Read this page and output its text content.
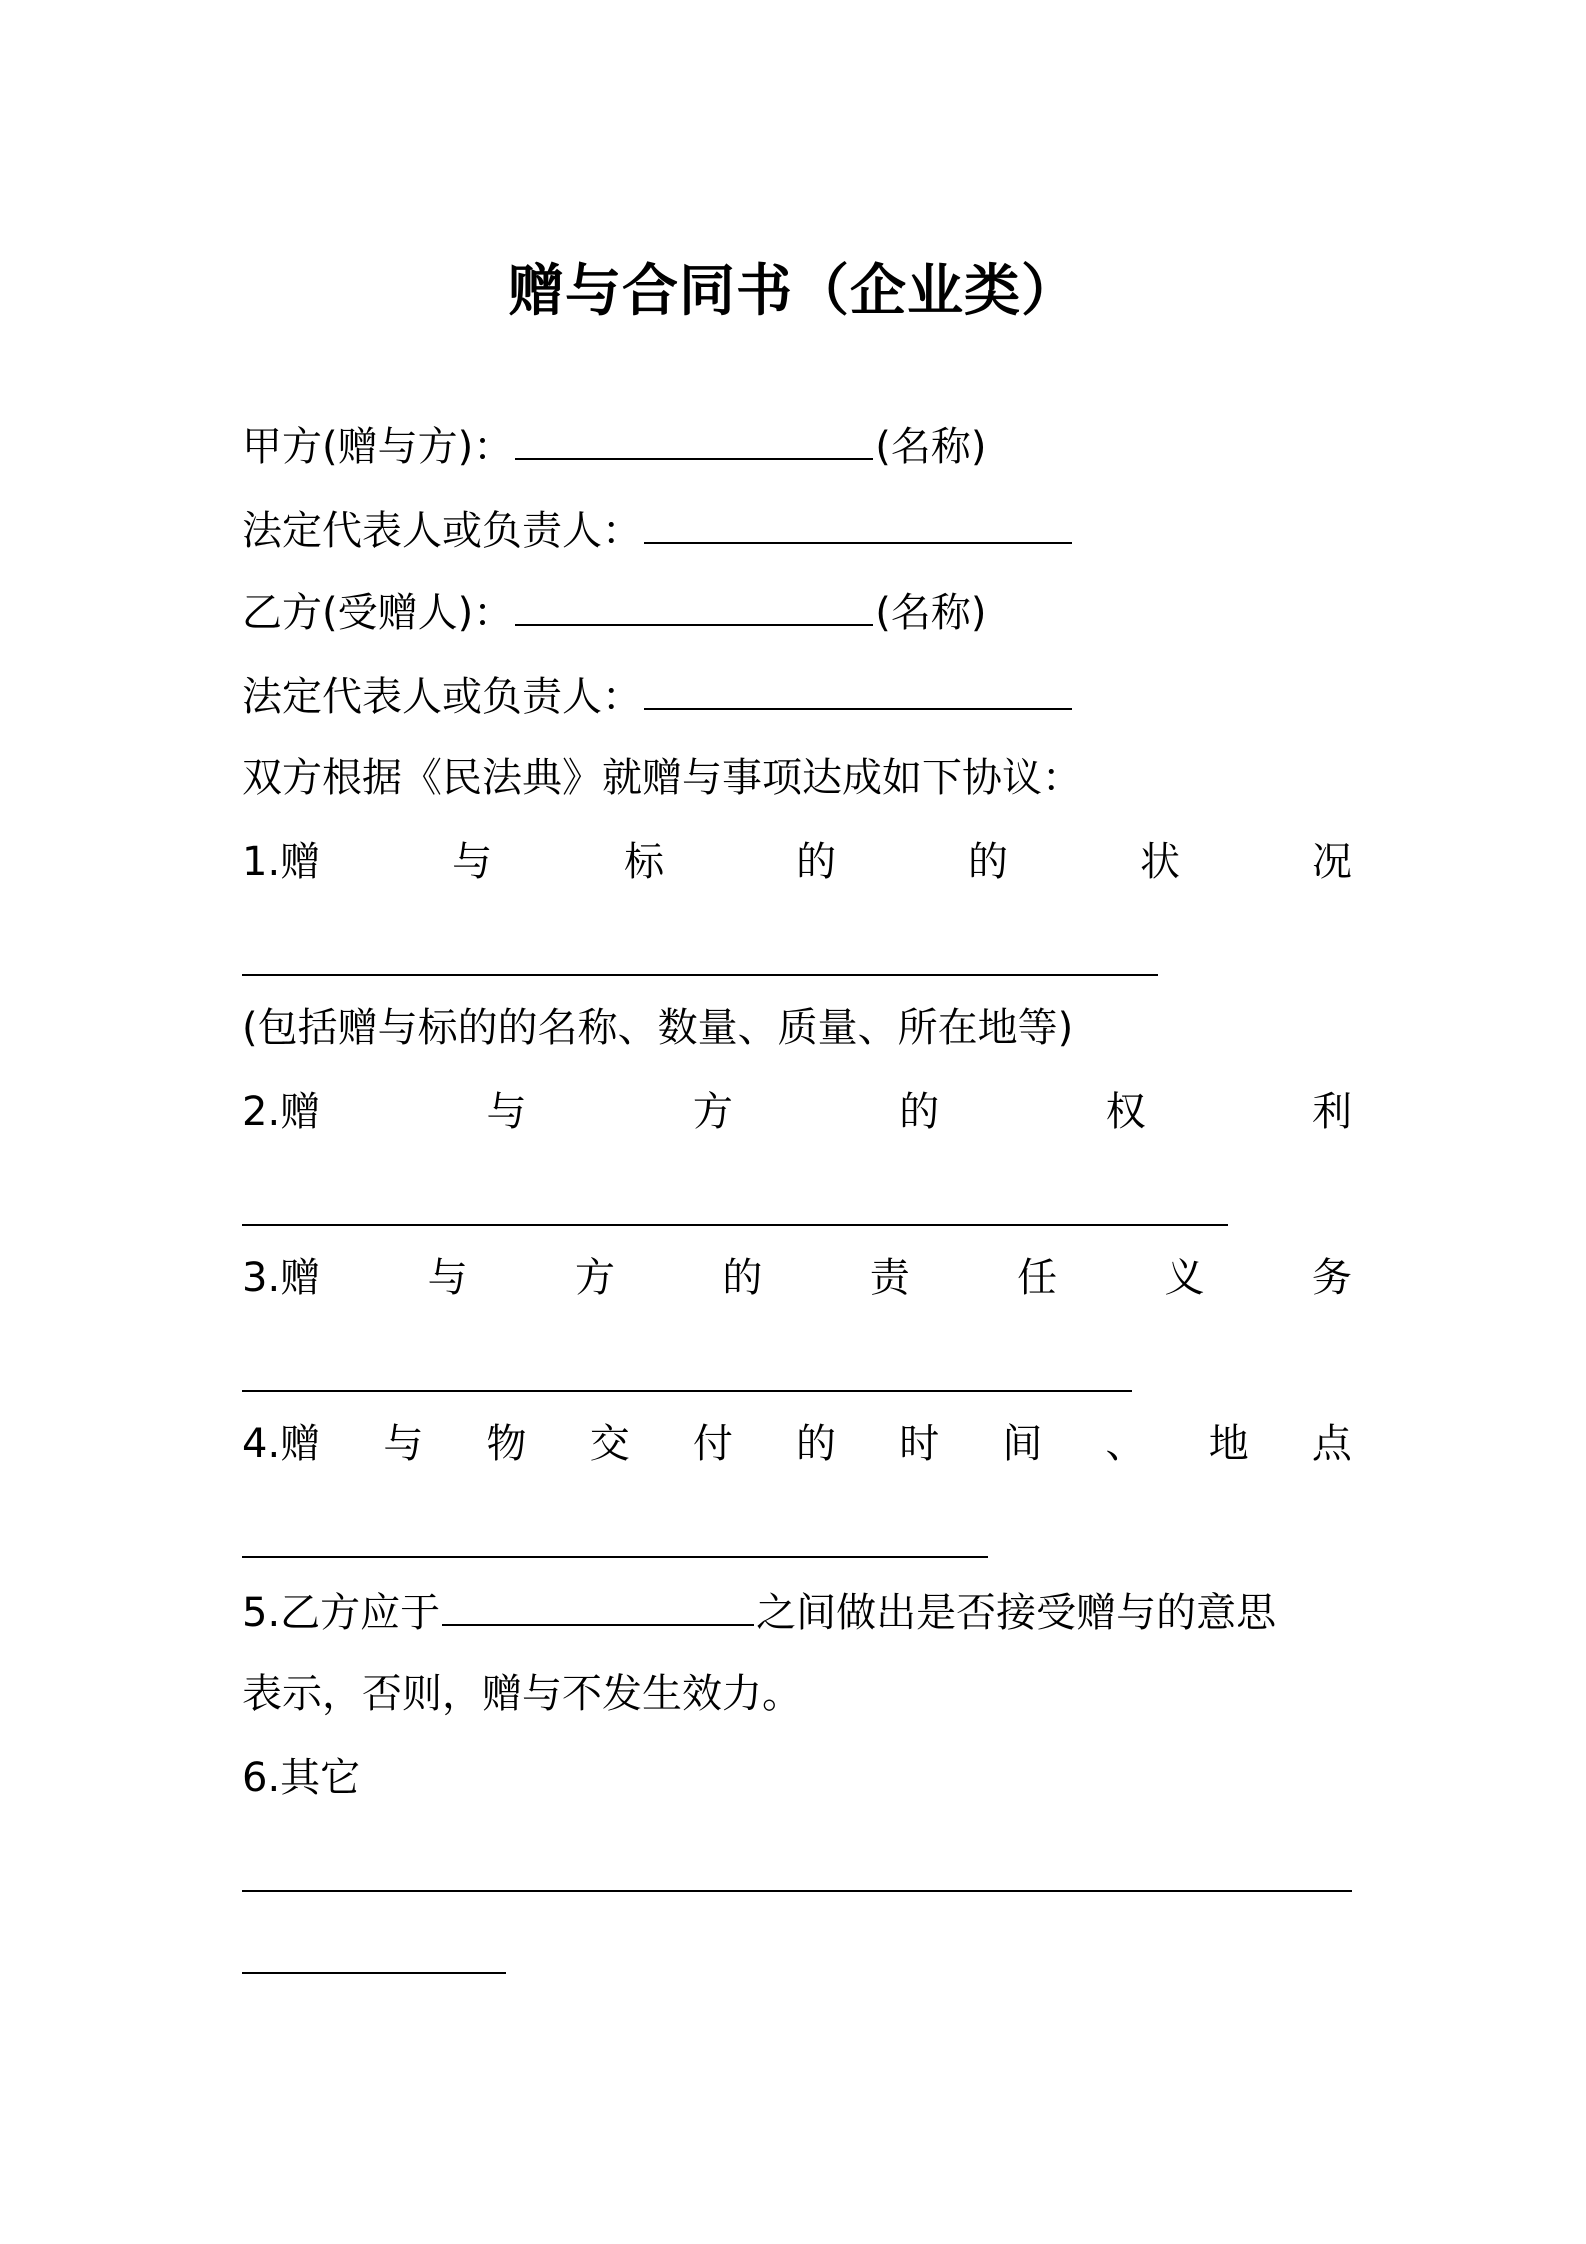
赠与合同书（企业类）
甲方(赠与方)：	(名称)
法定代表人或负责人：
乙方(受赠人)：	(名称)
法定代表人或负责人：
双方根据《民法典》就赠与事项达成如下协议：
1.赠	与	标	的	的	状	况
(包括赠与标的的名称、数量、质量、所在地等)
2.赠	与	方	的	权	利
3.赠	与	方	的	责	任	义	务
4.赠 与 物 交 付 的 时 间 、 地 点
5.乙方应于	之间做出是否接受赠与的意思
表示，否则，赠与不发生效力。
6.其它
